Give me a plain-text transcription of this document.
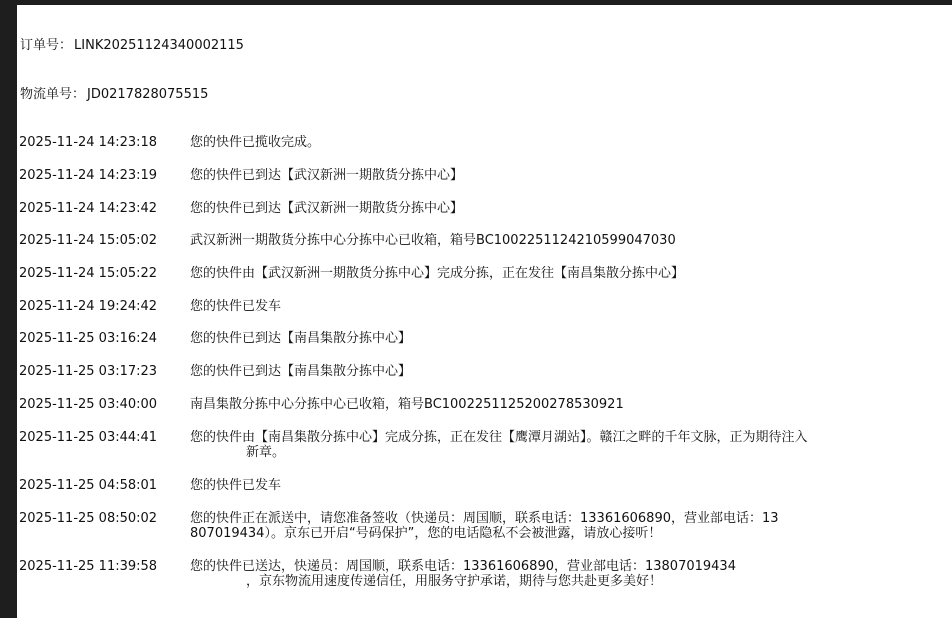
订单号： LINK20251124340002115
物流单号： JD0217828075515
2025-11-24 14:23:18	您的快件已揽收完成。
2025-11-24 14:23:19	您的快件已到达【武汉新洲一期散货分拣中心】
2025-11-24 14:23:42	您的快件已到达【武汉新洲一期散货分拣中心】
2025-11-24 15:05:02	武汉新洲一期散货分拣中心分拣中心已收箱，箱号BC1002251124210599047030
2025-11-24 15:05:22	您的快件由【武汉新洲一期散货分拣中心】完成分拣，正在发往【南昌集散分拣中心】
2025-11-24 19:24:42	您的快件已发车
2025-11-25 03:16:24	您的快件已到达【南昌集散分拣中心】
2025-11-25 03:17:23	您的快件已到达【南昌集散分拣中心】
2025-11-25 03:40:00	南昌集散分拣中心分拣中心已收箱，箱号BC1002251125200278530921
2025-11-25 03:44:41	您的快件由【南昌集散分拣中心】完成分拣，正在发往【鹰潭月湖站】。赣江之畔的千年文脉，正为期待注入
新章。
2025-11-25 04:58:01	您的快件已发车
2025-11-25 08:50:02	您的快件正在派送中，请您准备签收（快递员：周国顺，联系电话：13361606890，营业部电话：13
807019434）。京东已开启“号码保护”，您的电话隐私不会被泄露，请放心接听！
2025-11-25 11:39:58	您的快件已送达，快递员：周国顺，联系电话：13361606890，营业部电话：13807019434
，京东物流用速度传递信任，用服务守护承诺，期待与您共赴更多美好！
